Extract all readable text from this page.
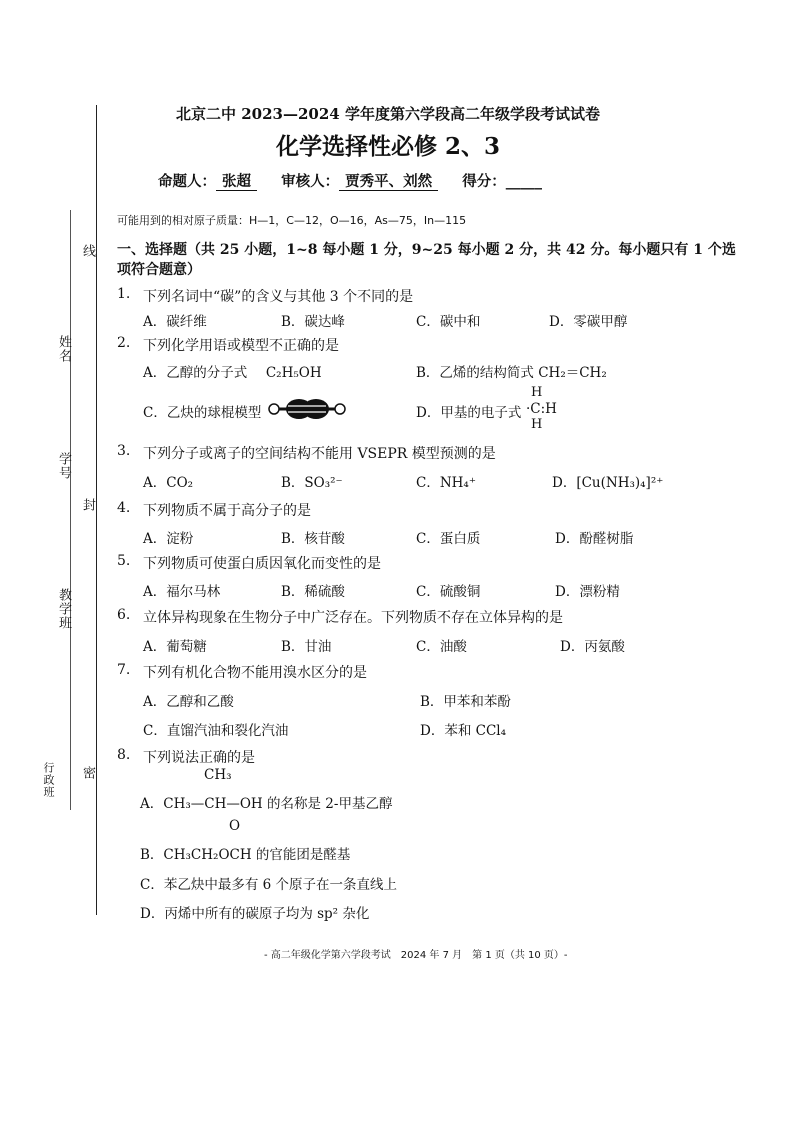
线
封
密
姓名
学号
教学班
行政班
北京二中 2023—2024 学年度第六学段高二年级学段考试试卷
化学选择性必修 2、3
命题人： 张超 审核人： 贾秀平、刘然 得分：_____
可能用到的相对原子质量：H—1，C—12，O—16，As—75，In—115
一、选择题（共 25 小题，1~8 每小题 1 分，9~25 每小题 2 分，共 42 分。每小题只有 1 个选
项符合题意）
1. 下列名词中“碳”的含义与其他 3 个不同的是
A．碳纤维	B．碳达峰	C．碳中和	D．零碳甲醇
2. 下列化学用语或模型不正确的是
A．乙醇的分子式 C₂H₅OH	B．乙烯的结构简式 CH₂＝CH₂
C．乙炔的球棍模型	D．甲基的电子式
H
·C:H
H
3. 下列分子或离子的空间结构不能用 VSEPR 模型预测的是
A．CO₂	B．SO₃²⁻	C．NH₄⁺	D．[Cu(NH₃)₄]²⁺
4. 下列物质不属于高分子的是
A．淀粉	B．核苷酸	C．蛋白质	D．酚醛树脂
5. 下列物质可使蛋白质因氧化而变性的是
A．福尔马林	B．稀硫酸	C．硫酸铜	D．漂粉精
6. 立体异构现象在生物分子中广泛存在。下列物质不存在立体异构的是
A．葡萄糖	B．甘油	C．油酸	D．丙氨酸
7. 下列有机化合物不能用溴水区分的是
A．乙醇和乙酸	B．甲苯和苯酚
C．直馏汽油和裂化汽油	D．苯和 CCl₄
8. 下列说法正确的是
CH₃
A．CH₃—CH—OH 的名称是 2-甲基乙醇
O
B．CH₃CH₂OCH 的官能团是醛基
C．苯乙炔中最多有 6 个原子在一条直线上
D．丙烯中所有的碳原子均为 sp² 杂化
- 高二年级化学第六学段考试　2024 年 7 月　第 1 页（共 10 页）-
